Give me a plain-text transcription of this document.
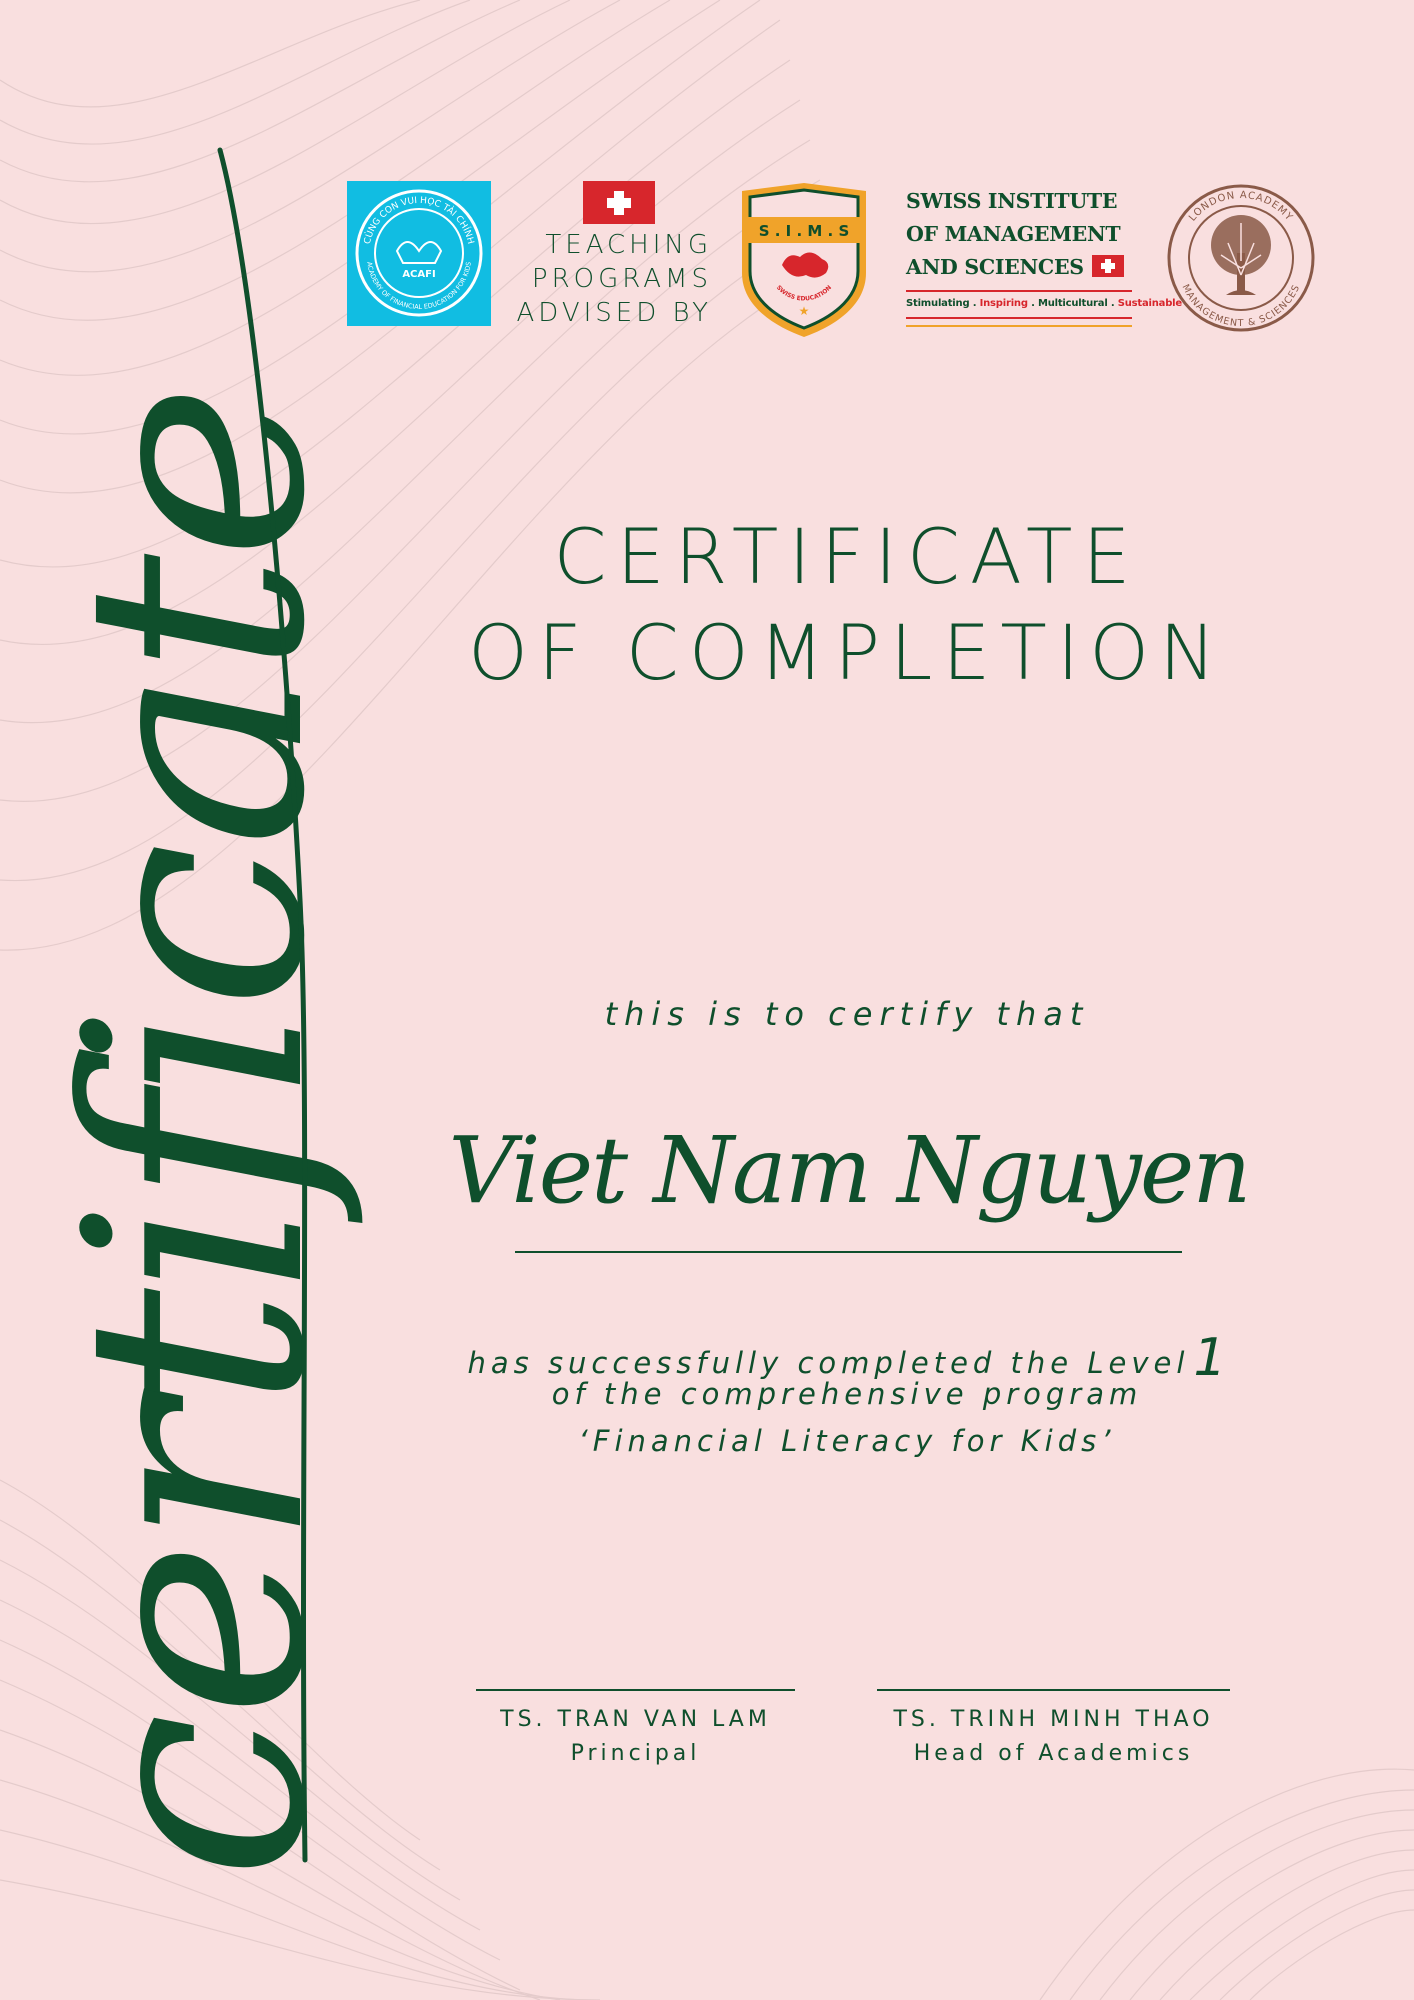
certificate
CÙNG CON VUI HỌC TÀI CHÍNH
ACADEMY OF FINANCIAL EDUCATION FOR KIDS
ACAFI
TEACHING
PROGRAMS
ADVISED BY
S . I . M . S
SWISS EDUCATION
★
SWISS INSTITUTE
OF MANAGEMENT
AND SCIENCES
Stimulating . Inspiring . Multicultural . Sustainable
LONDON ACADEMY
MANAGEMENT & SCIENCES
CERTIFICATE
OF COMPLETION
this is to certify that
Viet Nam Nguyen
has successfully completed the Level1
of the comprehensive program
‘Financial Literacy for Kids’
TS. TRAN VAN LAM
Principal
TS. TRINH MINH THAO
Head of Academics
